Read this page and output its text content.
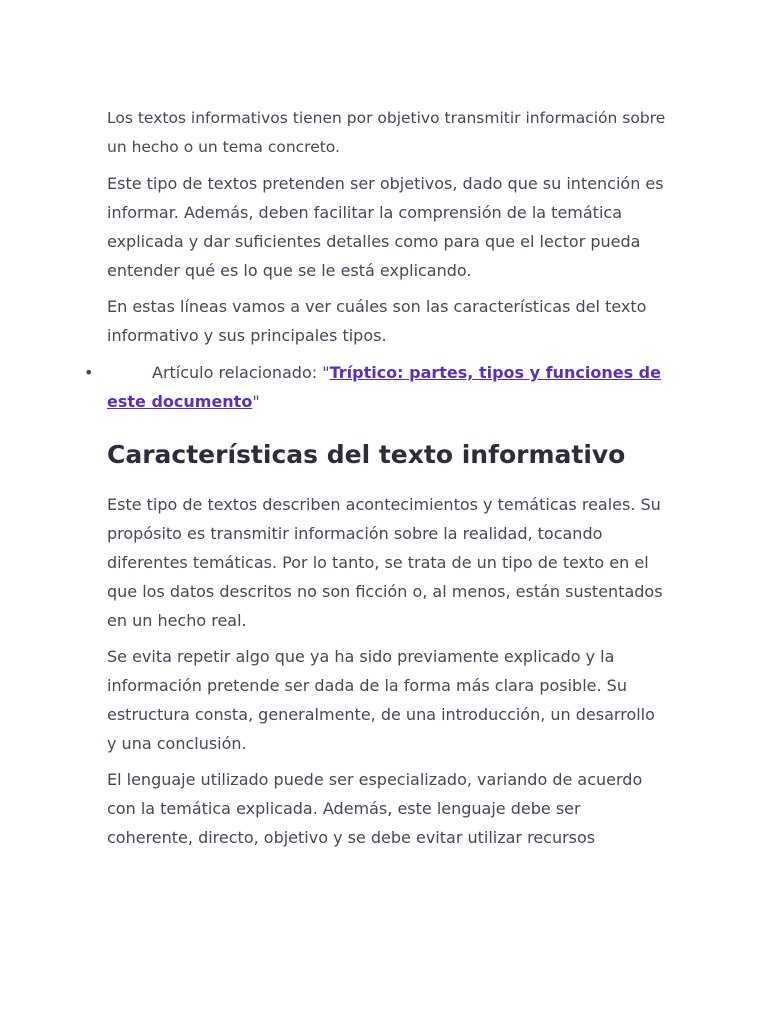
Los textos informativos tienen por objetivo transmitir información sobre un hecho o un tema concreto.

Este tipo de textos pretenden ser objetivos, dado que su intención es informar. Además, deben facilitar la comprensión de la temática explicada y dar suficientes detalles como para que el lector pueda entender qué es lo que se le está explicando.

En estas líneas vamos a ver cuáles son las características del texto informativo y sus principales tipos.

•	Artículo relacionado: "Tríptico: partes, tipos y funciones de este documento"
Características del texto informativo

Este tipo de textos describen acontecimientos y temáticas reales. Su propósito es transmitir información sobre la realidad, tocando diferentes temáticas. Por lo tanto, se trata de un tipo de texto en el que los datos descritos no son ficción o, al menos, están sustentados en un hecho real.

Se evita repetir algo que ya ha sido previamente explicado y la información pretende ser dada de la forma más clara posible. Su estructura consta, generalmente, de una introducción, un desarrollo y una conclusión.

El lenguaje utilizado puede ser especializado, variando de acuerdo con la temática explicada. Además, este lenguaje debe ser coherente, directo, objetivo y se debe evitar utilizar recursos
